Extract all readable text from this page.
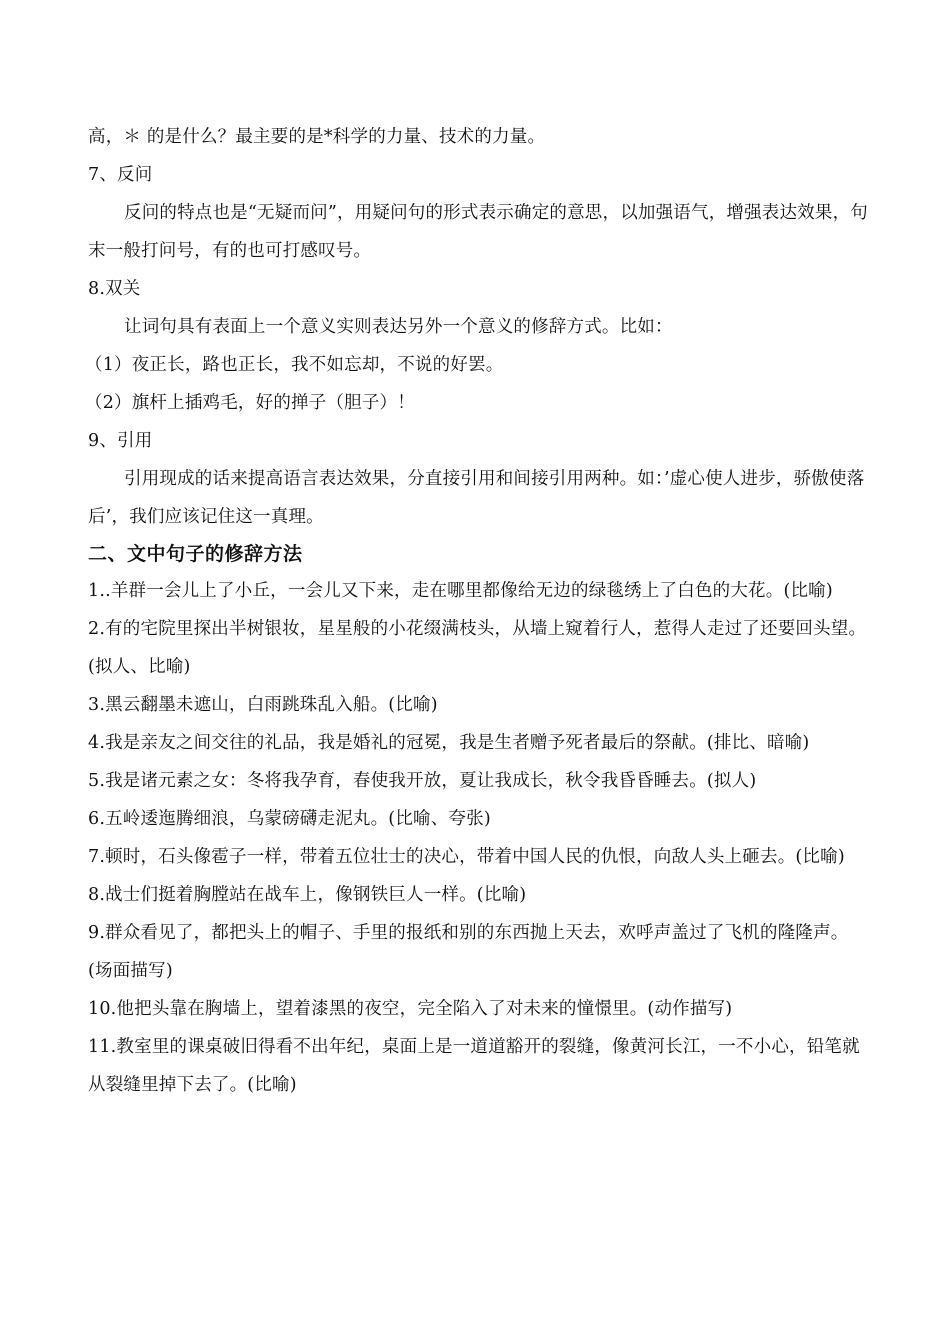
高，＊ 的是什么？最主要的是*科学的力量、技术的力量。
7、反问
反问的特点也是“无疑而问”，用疑问句的形式表示确定的意思，以加强语气，增强表达效果，句末一般打问号，有的也可打感叹号。
8.双关
让词句具有表面上一个意义实则表达另外一个意义的修辞方式。比如：
（1）夜正长，路也正长，我不如忘却，不说的好罢。
（2）旗杆上插鸡毛，好的掸子（胆子）！
9、引用
引用现成的话来提高语言表达效果，分直接引用和间接引用两种。如：’虚心使人进步，骄傲使落后’，我们应该记住这一真理。
二、文中句子的修辞方法
1..羊群一会儿上了小丘，一会儿又下来，走在哪里都像给无边的绿毯绣上了白色的大花。(比喻)
2.有的宅院里探出半树银妆，星星般的小花缀满枝头，从墙上窥着行人，惹得人走过了还要回头望。(拟人、比喻)
3.黑云翻墨未遮山，白雨跳珠乱入船。(比喻)
4.我是亲友之间交往的礼品，我是婚礼的冠冕，我是生者赠予死者最后的祭献。(排比、暗喻)
5.我是诸元素之女：冬将我孕育，春使我开放，夏让我成长，秋令我昏昏睡去。(拟人)
6.五岭逶迤腾细浪，乌蒙磅礴走泥丸。(比喻、夸张)
7.顿时，石头像雹子一样，带着五位壮士的决心，带着中国人民的仇恨，向敌人头上砸去。(比喻)
8.战士们挺着胸膛站在战车上，像钢铁巨人一样。(比喻)
9.群众看见了，都把头上的帽子、手里的报纸和别的东西抛上天去，欢呼声盖过了飞机的隆隆声。(场面描写)
10.他把头靠在胸墙上，望着漆黑的夜空，完全陷入了对未来的憧憬里。(动作描写)
11.教室里的课桌破旧得看不出年纪，桌面上是一道道豁开的裂缝，像黄河长江，一不小心，铅笔就从裂缝里掉下去了。(比喻)
